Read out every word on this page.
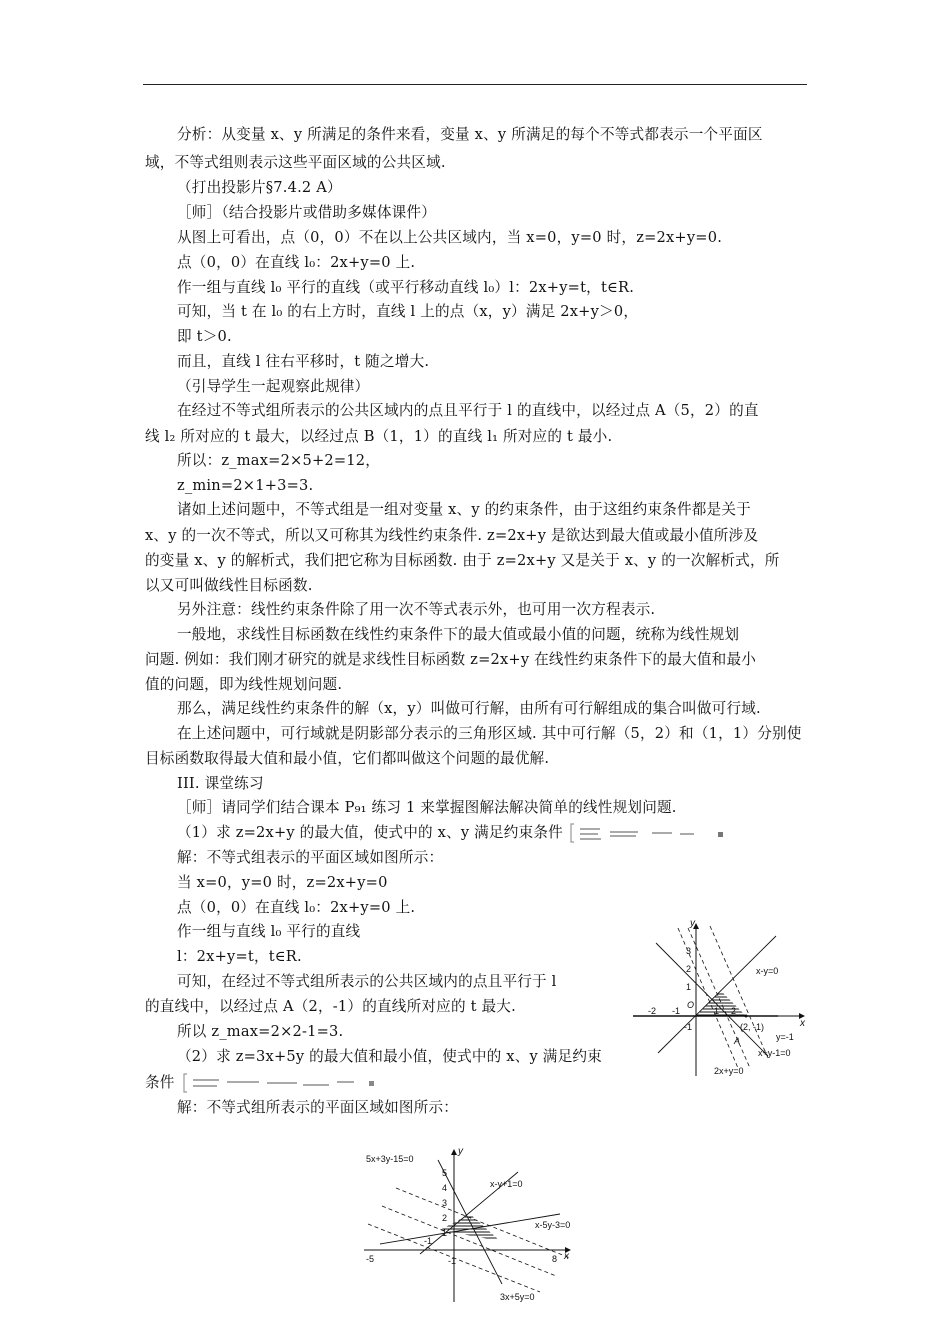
分析：从变量 x、y 所满足的条件来看，变量 x、y 所满足的每个不等式都表示一个平面区
域，不等式组则表示这些平面区域的公共区域.
（打出投影片§7.4.2 A）
［师］（结合投影片或借助多媒体课件）
从图上可看出，点（0，0）不在以上公共区域内，当 x=0，y=0 时，z=2x+y=0.
点（0，0）在直线 l₀：2x+y=0 上.
作一组与直线 l₀ 平行的直线（或平行移动直线 l₀）l：2x+y=t，t∈R.
可知，当 t 在 l₀ 的右上方时，直线 l 上的点（x，y）满足 2x+y＞0，
即 t＞0.
而且，直线 l 往右平移时，t 随之增大.
（引导学生一起观察此规律）
在经过不等式组所表示的公共区域内的点且平行于 l 的直线中，以经过点 A（5，2）的直
线 l₂ 所对应的 t 最大，以经过点 B（1，1）的直线 l₁ 所对应的 t 最小.
所以：z_max=2×5+2=12，
z_min=2×1+3=3.
诸如上述问题中，不等式组是一组对变量 x、y 的约束条件，由于这组约束条件都是关于
x、y 的一次不等式，所以又可称其为线性约束条件. z=2x+y 是欲达到最大值或最小值所涉及
的变量 x、y 的解析式，我们把它称为目标函数. 由于 z=2x+y 又是关于 x、y 的一次解析式，所
以又可叫做线性目标函数.
另外注意：线性约束条件除了用一次不等式表示外，也可用一次方程表示.
一般地，求线性目标函数在线性约束条件下的最大值或最小值的问题，统称为线性规划
问题. 例如：我们刚才研究的就是求线性目标函数 z=2x+y 在线性约束条件下的最大值和最小
值的问题，即为线性规划问题.
那么，满足线性约束条件的解（x，y）叫做可行解，由所有可行解组成的集合叫做可行域.
在上述问题中，可行域就是阴影部分表示的三角形区域. 其中可行解（5，2）和（1，1）分别使
目标函数取得最大值和最小值，它们都叫做这个问题的最优解.
III. 课堂练习
［师］请同学们结合课本 P₉₁ 练习 1 来掌握图解法解决简单的线性规划问题.
（1）求 z=2x+y 的最大值，使式中的 x、y 满足约束条件
解：不等式组表示的平面区域如图所示：
当 x=0，y=0 时，z=2x+y=0
点（0，0）在直线 l₀：2x+y=0 上.
作一组与直线 l₀ 平行的直线
l：2x+y=t，t∈R.
可知，在经过不等式组所表示的公共区域内的点且平行于 l
的直线中，以经过点 A（2，-1）的直线所对应的 t 最大.
所以 z_max=2×2-1=3.
（2）求 z=3x+5y 的最大值和最小值，使式中的 x、y 满足约束
条件
解：不等式组所表示的平面区域如图所示：
y
x
3
2
1
O
-1
-2	1 2
-1
x-y=0
(2, -1)
y=-1
A
x+y-1=0
2x+y=0
y
x
5x+3y-15=0
x-y+1=0
x-5y-3=0
3x+5y=0
5
4
3
2
1
-1
-5	-1	8
